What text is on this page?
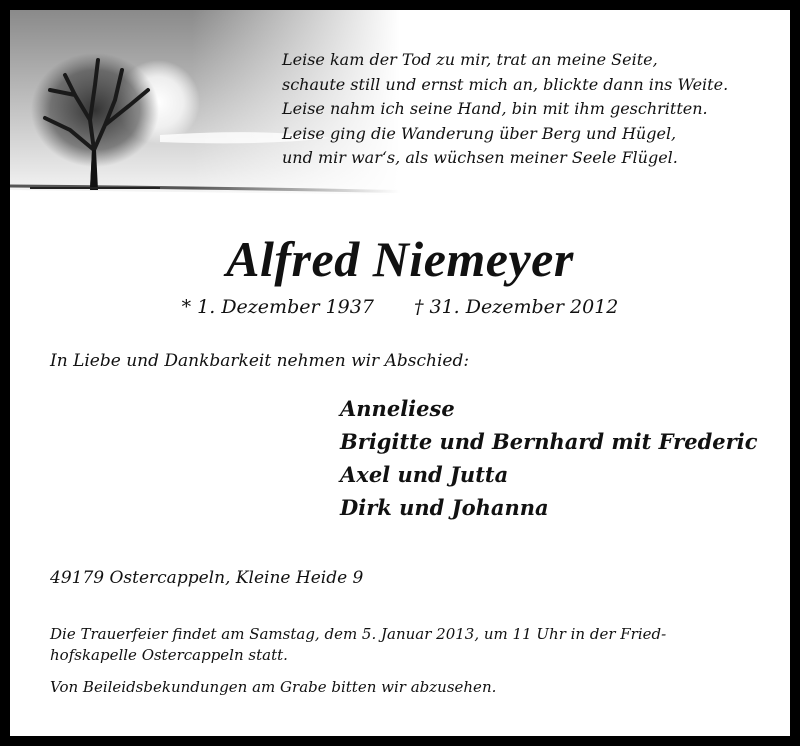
Leise kam der Tod zu mir, trat an meine Seite,
schaute still und ernst mich an, blickte dann ins Weite.
Leise nahm ich seine Hand, bin mit ihm geschritten.
Leise ging die Wanderung über Berg und Hügel,
und mir war‘s, als wüchsen meiner Seele Flügel.
Alfred Niemeyer
* 1. Dezember 1937 † 31. Dezember 2012
In Liebe und Dankbarkeit nehmen wir Abschied:
Anneliese
Brigitte und Bernhard mit Frederic
Axel und Jutta
Dirk und Johanna
49179 Ostercappeln, Kleine Heide 9
Die Trauerfeier findet am Samstag, dem 5. Januar 2013, um 11 Uhr in der Fried-
hofskapelle Ostercappeln statt.
Von Beileidsbekundungen am Grabe bitten wir abzusehen.
